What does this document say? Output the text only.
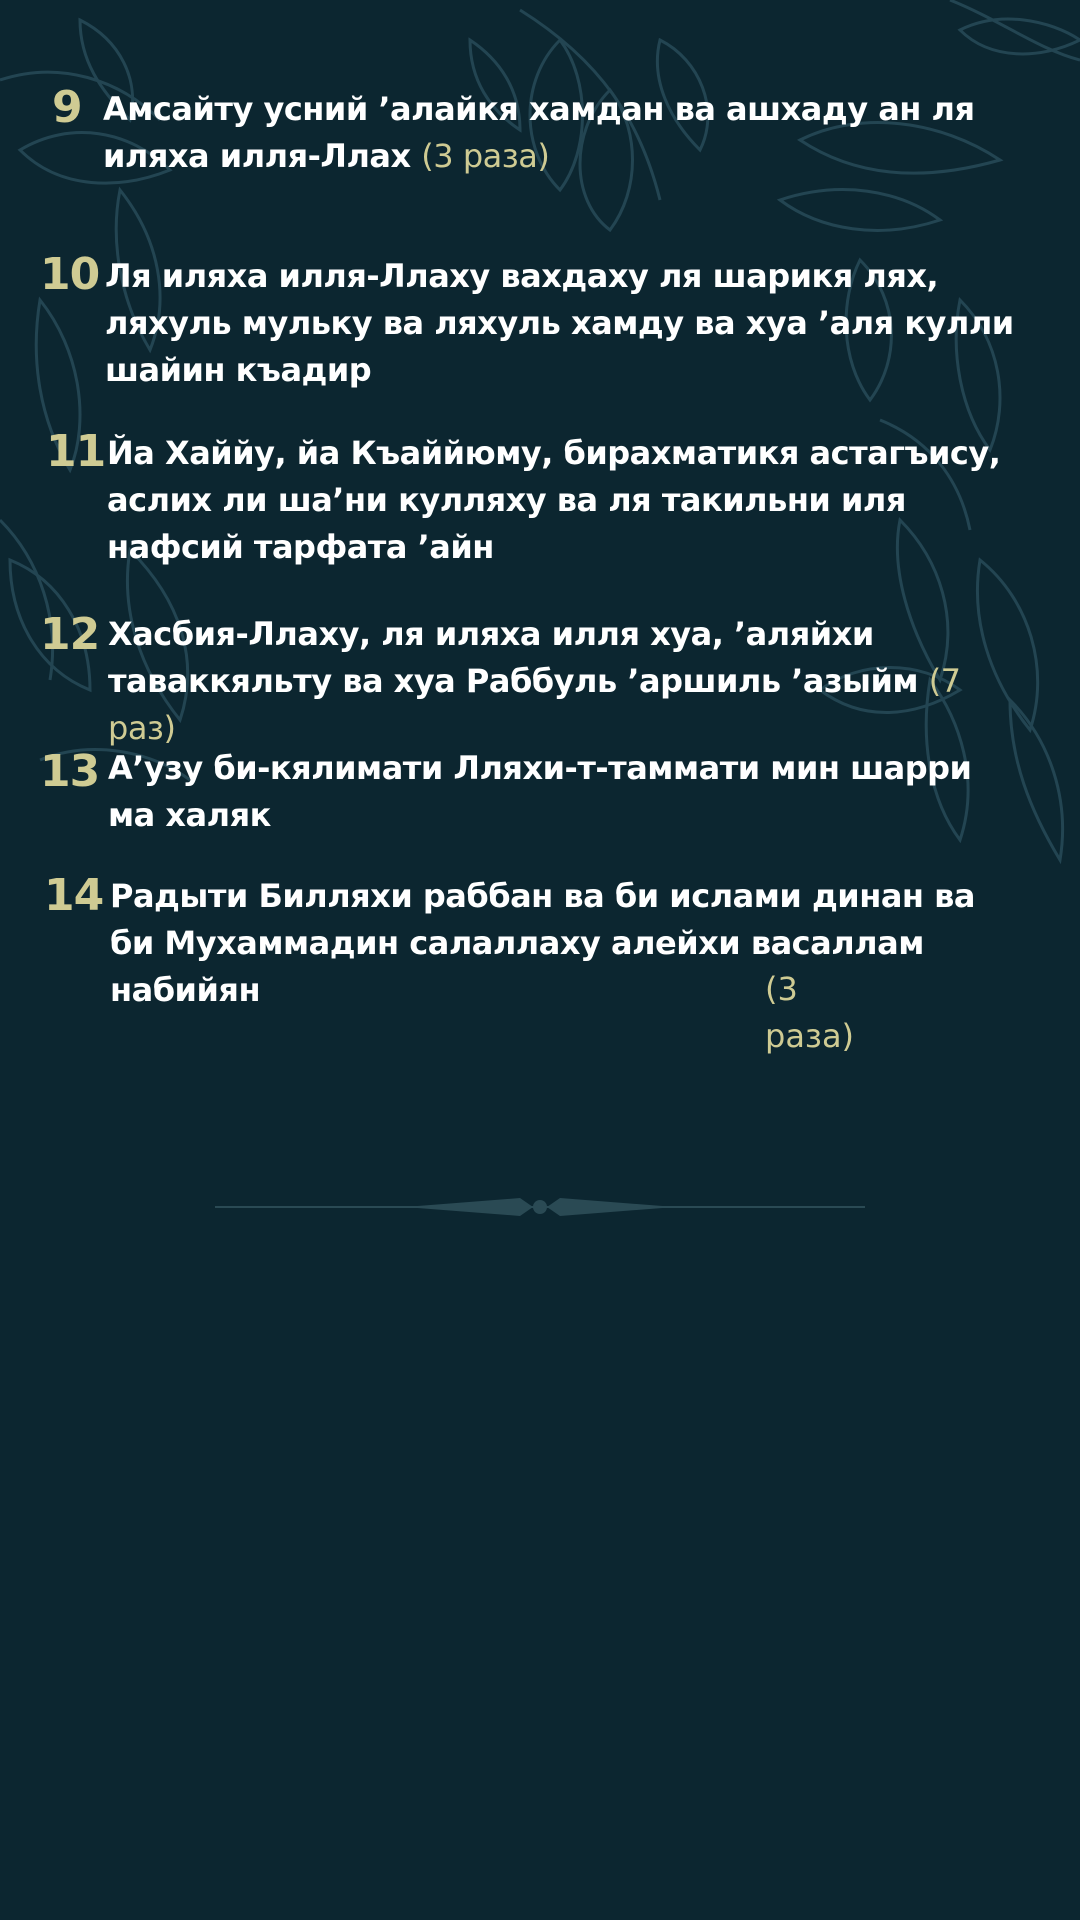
9 Амсайту усний ’алайкя хамдан ва ашхаду ан ля иляха илля-Ллах (3 раза)
10 Ля иляха илля-Ллаху вахдаху ля шарикя лях, ляхуль мульку ва ляхуль хамду ва хуа ’аля кулли шайин къадир
11 Йа Хаййу, йа Къаййюму, бирахматикя астагъису, аслих ли ша’ни кулляху ва ля такильни иля нафсий тарфата ’айн
12 Хасбия-Ллаху, ля иляха илля хуа, ’аляйхи таваккяльту ва хуа Раббуль ’аршиль ’азыйм (7 раз)
13 А’узу би-кялимати Лляхи-т-таммати мин шарри ма халяк
14 Радыти Билляхи раббан ва би ислами динан ва би Мухаммадин салаллаху алейхи васаллам набийян	(3 раза)
